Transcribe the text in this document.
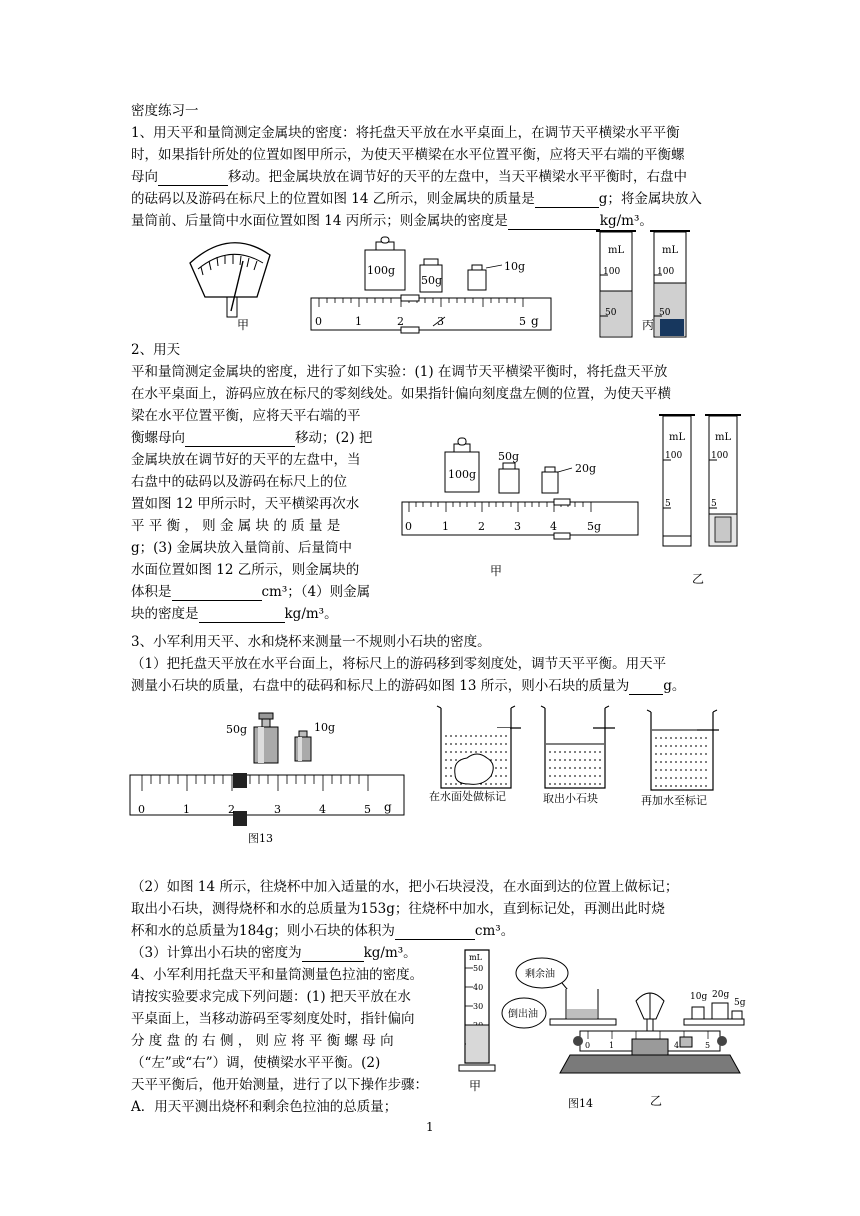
密度练习一
1、用天平和量筒测定金属块的密度：将托盘天平放在水平桌面上，在调节天平横梁水平平衡
时，如果指针所处的位置如图甲所示，为使天平横梁在水平位置平衡，应将天平右端的平衡螺
母向	移动。把金属块放在调节好的天平的左盘中，当天平横梁水平平衡时，右盘中
的砝码以及游码在标尺上的位置如图 14 乙所示，则金属块的质量是	g；将金属块放入
量筒前、后量筒中水面位置如图 14 丙所示；则金属块的密度是	kg/m³。
甲
100g
50g
10g
0	1	2	3	5 g
mL
100
50
mL
100
50
丙
2、用天
平和量筒测定金属块的密度，进行了如下实验：(1) 在调节天平横梁平衡时，将托盘天平放
在水平桌面上，游码应放在标尺的零刻线处。如果指针偏向刻度盘左侧的位置，为使天平横
梁在水平位置平衡，应将天平右端的平
衡螺母向	移动；(2) 把
金属块放在调节好的天平的左盘中，当
右盘中的砝码以及游码在标尺上的位
置如图 12 甲所示时，天平横梁再次水
平 平 衡 ， 则 金 属 块 的 质 量 是
g；(3) 金属块放入量筒前、后量筒中
水面位置如图 12 乙所示，则金属块的
体积是	cm³；（4）则金属
块的密度是	kg/m³。
100g
50g
20g
0	1	2	3	4	5g
甲
mL
100
5
mL
100
5
乙
3、小军利用天平、水和烧杯来测量一不规则小石块的密度。
（1）把托盘天平放在水平台面上，将标尺上的游码移到零刻度处，调节天平平衡。用天平
测量小石块的质量，右盘中的砝码和标尺上的游码如图 13 所示，则小石块的质量为	g。
50g	10g
0	1	2	3	4	5 g
图13
在水面处做标记	取出小石块	再加水至标记
（2）如图 14 所示，往烧杯中加入适量的水，把小石块浸没，在水面到达的位置上做标记；
取出小石块，测得烧杯和水的总质量为153g；往烧杯中加水，直到标记处，再测出此时烧
杯和水的总质量为184g；则小石块的体积为	cm³。
（3）计算出小石块的密度为	kg/m³。
4、小军利用托盘天平和量筒测量色拉油的密度。
请按实验要求完成下列问题：(1) 把天平放在水
平桌面上，当移动游码至零刻度处时，指针偏向
分 度 盘 的 右 侧 ， 则 应 将 平 衡 螺 母 向
（“左”或“右”）调，使横梁水平平衡。(2)
天平平衡后，他开始测量，进行了以下操作步骤：
A．用天平测出烧杯和剩余色拉油的总质量；
mL
50
40
30
甲
剩余油
倒出油
10g 20g
5g
0 1	4	5
图14	乙
1
